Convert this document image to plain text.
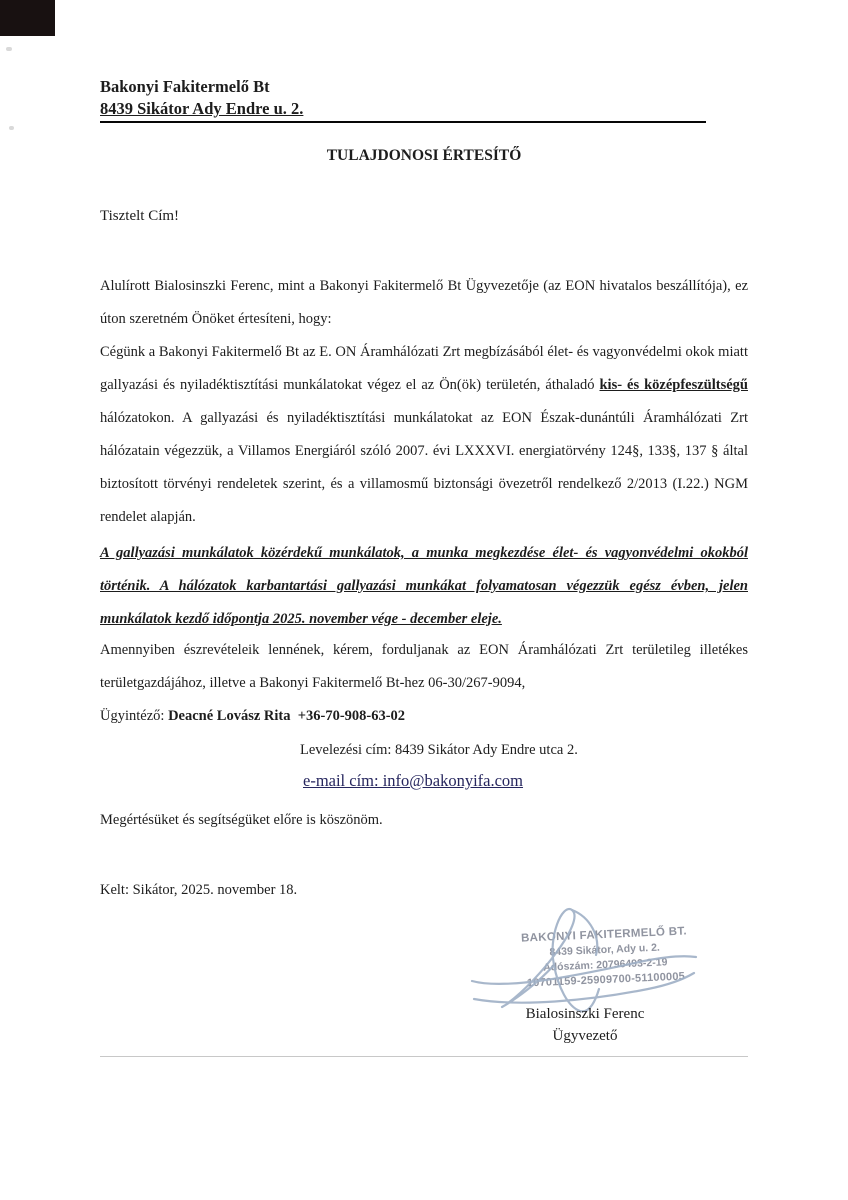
Bakonyi Fakitermelő Bt
8439 Sikátor Ady Endre u. 2.
TULAJDONOSI ÉRTESÍTŐ
Tisztelt Cím!
Alulírott Bialosinszki Ferenc, mint a Bakonyi Fakitermelő Bt Ügyvezetője (az EON hivatalos beszállítója), ez úton szeretném Önöket értesíteni, hogy:
Cégünk a Bakonyi Fakitermelő Bt az E. ON Áramhálózati Zrt megbízásából élet- és vagyonvédelmi okok miatt gallyazási és nyiladéktisztítási munkálatokat végez el az Ön(ök) területén, áthaladó kis- és középfeszültségű hálózatokon. A gallyazási és nyiladéktisztítási munkálatokat az EON Észak-dunántúli Áramhálózati Zrt hálózatain végezzük, a Villamos Energiáról szóló 2007. évi LXXXVI. energiatörvény 124§, 133§, 137 § által biztosított törvényi rendeletek szerint, és a villamosmű biztonsági övezetről rendelkező 2/2013 (I.22.) NGM rendelet alapján.
A gallyazási munkálatok közérdekű munkálatok, a munka megkezdése élet- és vagyonvédelmi okokból történik. A hálózatok karbantartási gallyazási munkákat folyamatosan végezzük egész évben, jelen munkálatok kezdő időpontja 2025. november vége - december eleje.
Amennyiben észrevételeik lennének, kérem, forduljanak az EON Áramhálózati Zrt területileg illetékes területgazdájához, illetve a Bakonyi Fakitermelő Bt-hez 06-30/267-9094,
Ügyintéző: Deacné Lovász Rita  +36-70-908-63-02
Levelezési cím: 8439 Sikátor Ady Endre utca 2.
e-mail cím: info@bakonyifa.com
Megértésüket és segítségüket előre is köszönöm.
Kelt: Sikátor, 2025. november 18.
BAKONYI FAKITERMELŐ BT.
8439 Sikátor, Ady u. 2.
Adószám: 20796493-2-19
10701159-25909700-51100005
Bialosinszki Ferenc
Ügyvezető
